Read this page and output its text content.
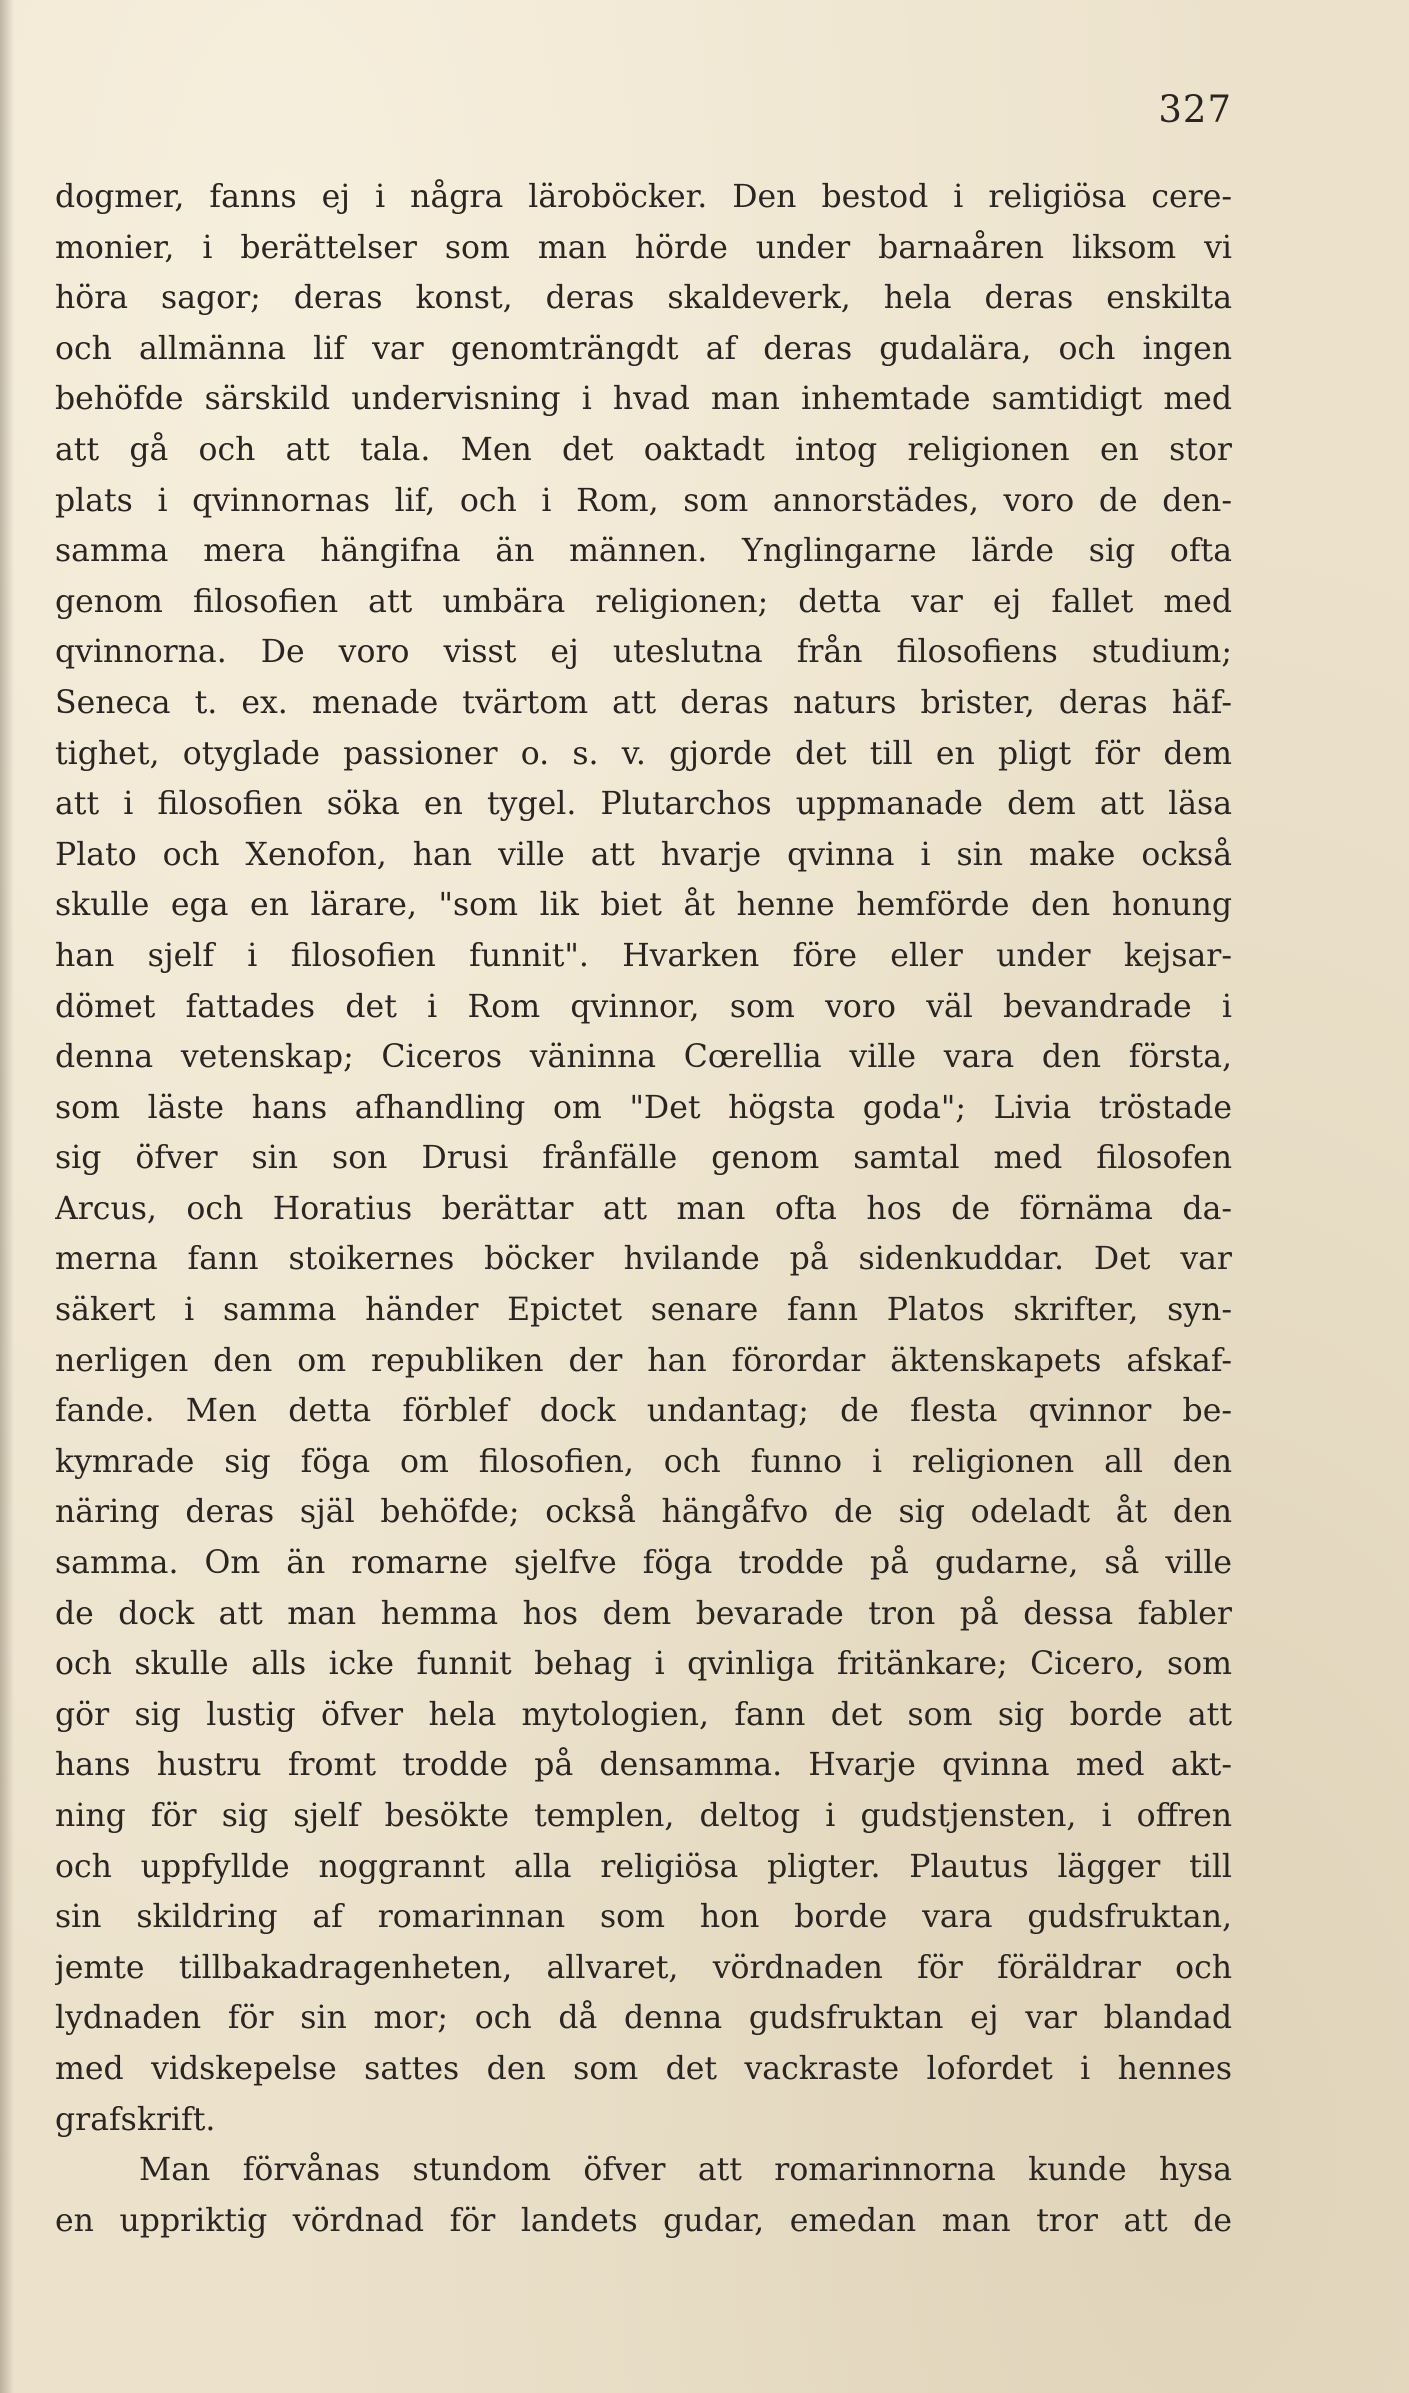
327
dogmer, fanns ej i några läroböcker. Den bestod i religiösa cere-
monier, i berättelser som man hörde under barnaåren liksom vi
höra sagor; deras konst, deras skaldeverk, hela deras enskilta
och allmänna lif var genomträngdt af deras gudalära, och ingen
behöfde särskild undervisning i hvad man inhemtade samtidigt med
att gå och att tala. Men det oaktadt intog religionen en stor
plats i qvinnornas lif, och i Rom, som annorstädes, voro de den-
samma mera hängifna än männen. Ynglingarne lärde sig ofta
genom filosofien att umbära religionen; detta var ej fallet med
qvinnorna. De voro visst ej uteslutna från filosofiens studium;
Seneca t. ex. menade tvärtom att deras naturs brister, deras häf-
tighet, otyglade passioner o. s. v. gjorde det till en pligt för dem
att i filosofien söka en tygel. Plutarchos uppmanade dem att läsa
Plato och Xenofon, han ville att hvarje qvinna i sin make också
skulle ega en lärare, "som lik biet åt henne hemförde den honung
han sjelf i filosofien funnit". Hvarken före eller under kejsar-
dömet fattades det i Rom qvinnor, som voro väl bevandrade i
denna vetenskap; Ciceros väninna Cœrellia ville vara den första,
som läste hans afhandling om "Det högsta goda"; Livia tröstade
sig öfver sin son Drusi frånfälle genom samtal med filosofen
Arcus, och Horatius berättar att man ofta hos de förnäma da-
merna fann stoikernes böcker hvilande på sidenkuddar. Det var
säkert i samma händer Epictet senare fann Platos skrifter, syn-
nerligen den om republiken der han förordar äktenskapets afskaf-
fande. Men detta förblef dock undantag; de flesta qvinnor be-
kymrade sig föga om filosofien, och funno i religionen all den
näring deras själ behöfde; också hängåfvo de sig odeladt åt den
samma. Om än romarne sjelfve föga trodde på gudarne, så ville
de dock att man hemma hos dem bevarade tron på dessa fabler
och skulle alls icke funnit behag i qvinliga fritänkare; Cicero, som
gör sig lustig öfver hela mytologien, fann det som sig borde att
hans hustru fromt trodde på densamma. Hvarje qvinna med akt-
ning för sig sjelf besökte templen, deltog i gudstjensten, i offren
och uppfyllde noggrannt alla religiösa pligter. Plautus lägger till
sin skildring af romarinnan som hon borde vara gudsfruktan,
jemte tillbakadragenheten, allvaret, vördnaden för föräldrar och
lydnaden för sin mor; och då denna gudsfruktan ej var blandad
med vidskepelse sattes den som det vackraste lofordet i hennes
grafskrift.
Man förvånas stundom öfver att romarinnorna kunde hysa
en uppriktig vördnad för landets gudar, emedan man tror att de
